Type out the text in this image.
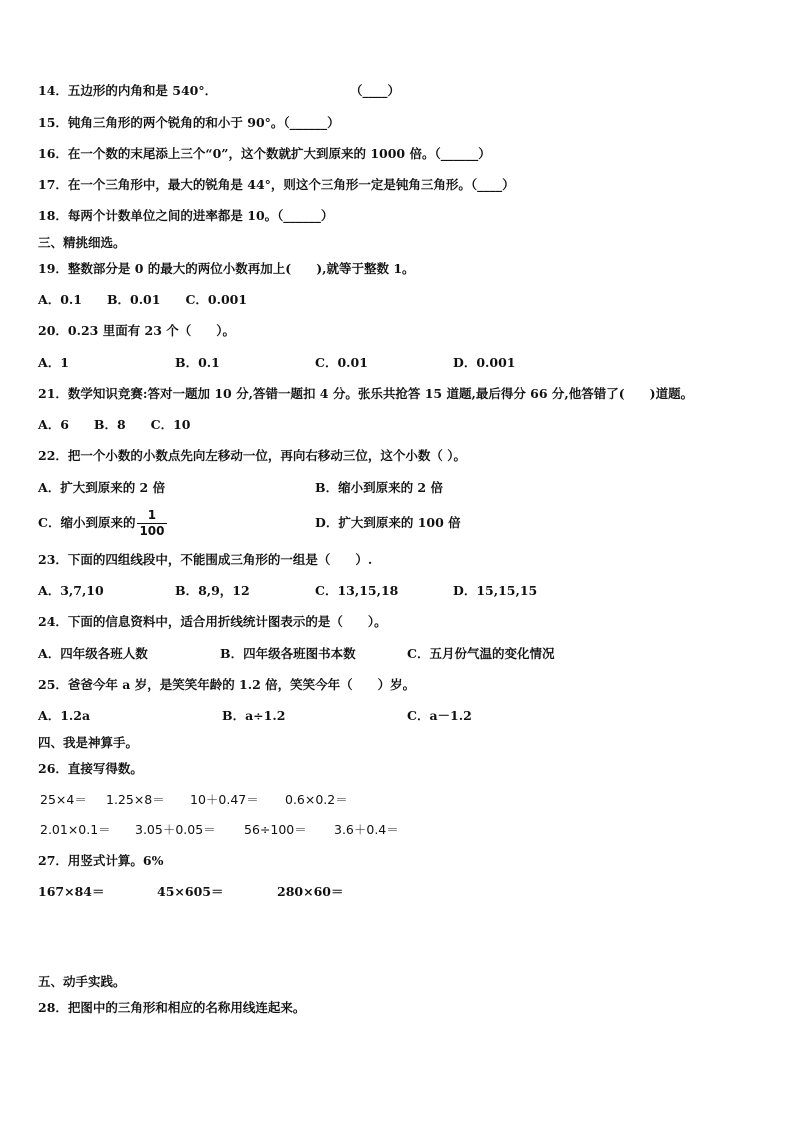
14．五边形的内角和是 540°．	（____）
15．钝角三角形的两个锐角的和小于 90°。（______）
16．在一个数的末尾添上三个“0”，这个数就扩大到原来的 1000 倍。（______）
17．在一个三角形中，最大的锐角是 44°，则这个三角形一定是钝角三角形。（____）
18．每两个计数单位之间的进率都是 10。（______）
三、精挑细选。
19．整数部分是 0 的最大的两位小数再加上(　　),就等于整数 1。
A．0.1　　B．0.01　　C．0.001
20．0.23 里面有 23 个（　　）。
A．1	B．0.1	C．0.01	D．0.001
21．数学知识竞赛:答对一题加 10 分,答错一题扣 4 分。张乐共抢答 15 道题,最后得分 66 分,他答错了(　　)道题。
A．6　　B．8　　C．10
22．把一个小数的小数点先向左移动一位，再向右移动三位，这个小数（ ）。
A．扩大到原来的 2 倍	B．缩小到原来的 2 倍
C．缩小到原来的 $\frac{1}{100}$	D．扩大到原来的 100 倍
23．下面的四组线段中，不能围成三角形的一组是（　　）.
A．3,7,10	B．8,9，12	C．13,15,18	D．15,15,15
24．下面的信息资料中，适合用折线统计图表示的是（　　）。
A．四年级各班人数	B．四年级各班图书本数	C．五月份气温的变化情况
25．爸爸今年 a 岁，是笑笑年龄的 1.2 倍，笑笑今年（　　）岁。
A．1.2a	B．a÷1.2	C．a－1.2
四、我是神算手。
26．直接写得数。
25×4＝ 1.25×8＝ 10＋0.47＝ 0.6×0.2＝
2.01×0.1＝ 3.05＋0.05＝ 56÷100＝ 3.6＋0.4＝
27．用竖式计算。6%
167×84＝	45×605＝	280×60＝
五、动手实践。
28．把图中的三角形和相应的名称用线连起来。
